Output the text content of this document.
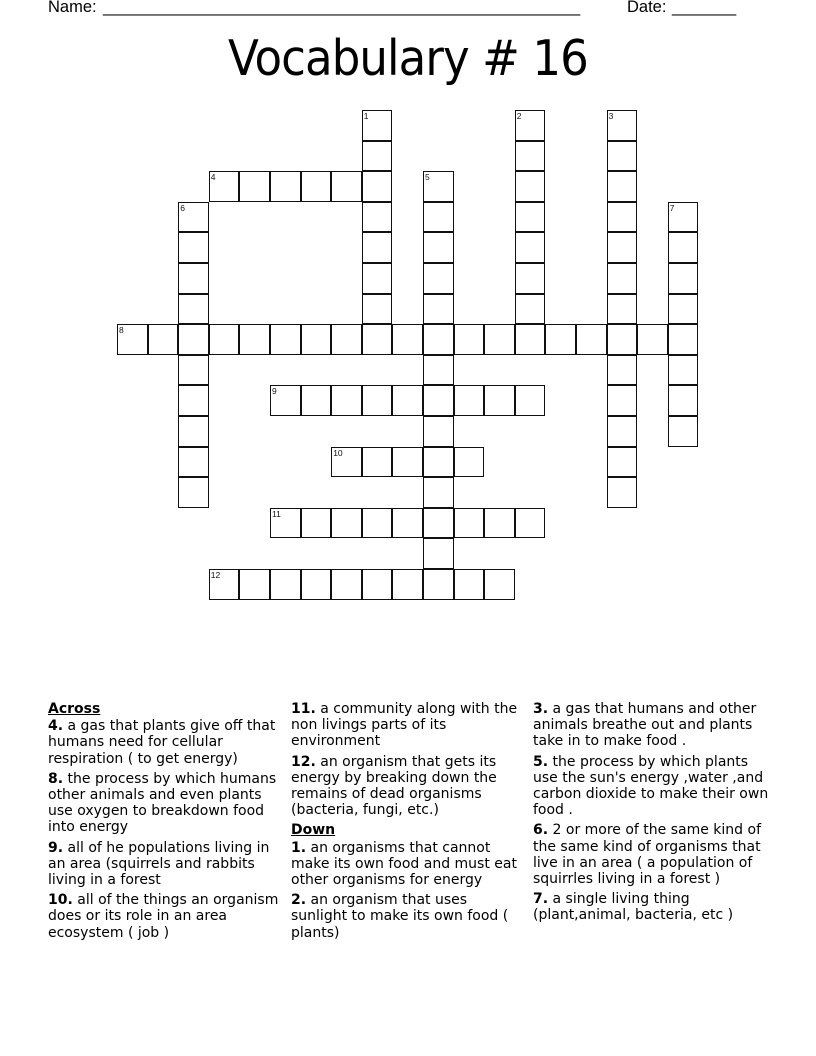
Name: ____________________________________________________	Date: _______
Vocabulary # 16
1	2	3
4	5
6	7
8
9
10
11
12
Across
4. a gas that plants give off that humans need for cellular respiration ( to get energy)
8. the process by which humans other animals and even plants use oxygen to breakdown food into energy
9. all of he populations living in an area (squirrels and rabbits living in a forest
10. all of the things an organism does or its role in an area ecosystem ( job )
11. a community along with the non livings parts of its environment
12. an organism that gets its energy by breaking down the remains of dead organisms (bacteria, fungi, etc.)
Down
1. an organisms that cannot make its own food and must eat other organisms for energy
2. an organism that uses sunlight to make its own food ( plants)
3. a gas that humans and other animals breathe out and plants take in to make food .
5. the process by which plants use the sun's energy ,water ,and carbon dioxide to make their own food .
6. 2 or more of the same kind of the same kind of organisms that live in an area ( a population of squirrles living in a forest )
7. a single living thing (plant,animal, bacteria, etc )
